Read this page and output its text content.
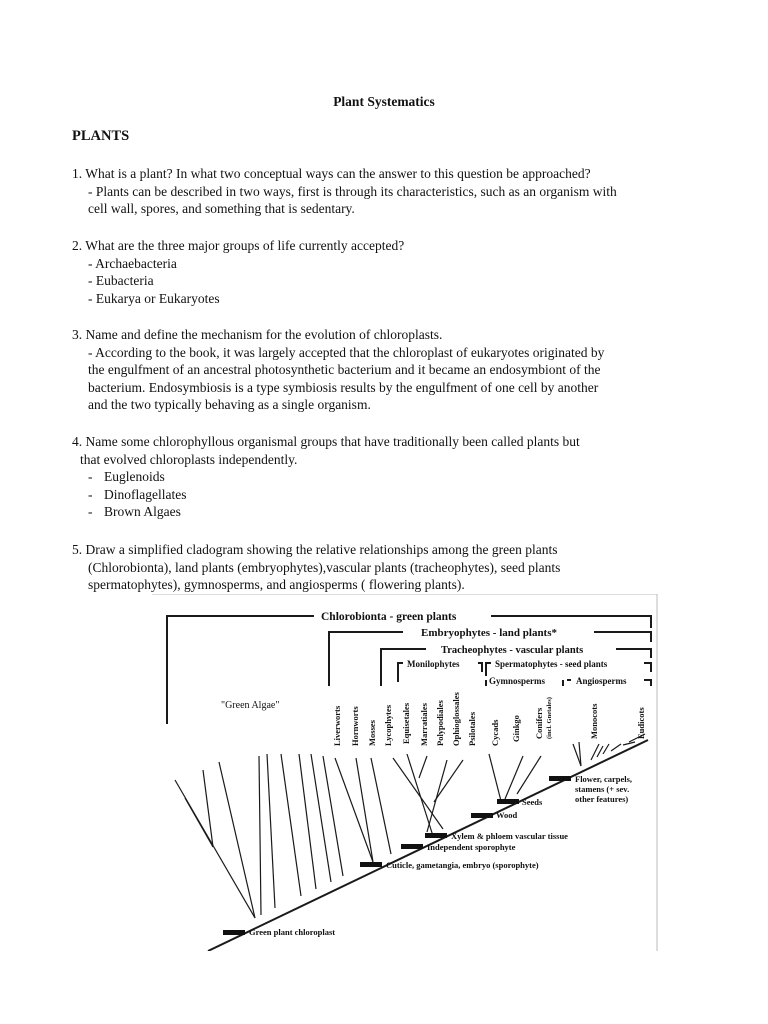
Plant Systematics
PLANTS

1. What is a plant? In what two conceptual ways can the answer to this question be approached?

- Plants can be described in two ways, first is through its characteristics, such as an organism with

cell wall, spores, and something that is sedentary.

2. What are the three major groups of life currently accepted?

- Archaebacteria

- Eubacteria

- Eukarya or Eukaryotes

3. Name and define the mechanism for the evolution of chloroplasts.

- According to the book, it was largely accepted that the chloroplast of eukaryotes originated by

the engulfment of an ancestral photosynthetic bacterium and it became an endosymbiont of the

bacterium. Endosymbiosis is a type symbiosis results by the engulfment of one cell by another

and the two typically behaving as a single organism.

4. Name some chlorophyllous organismal groups that have traditionally been called plants but

that evolved chloroplasts independently.

- Euglenoids
- Dinoflagellates
- Brown Algaes

5. Draw a simplified cladogram showing the relative relationships among the green plants

(Chlorobionta), land plants (embryophytes),vascular plants (tracheophytes), seed plants

spermatophytes), gymnosperms, and angiosperms ( flowering plants).

Chlorobionta - green plants
Embryophytes - land plants*
Tracheophytes - vascular plants
Monilophytes	Spermatophytes - seed plants
Gymnosperms	Angiosperms
"Green Algae"
Liverworts Hornworts Mosses Lycophytes Equisetales Marratiales Polypodiales Ophioglossales Psilotales Cycads Ginkgo Conifers (incl. Gnetales)	Monocots	Eudicots
Green plant chloroplast
Cuticle, gametangia, embryo (sporophyte)
Independent sporophyte
Xylem & phloem vascular tissue
Wood
Seeds
Flower, carpels,
stamens (+ sev.
other features)
